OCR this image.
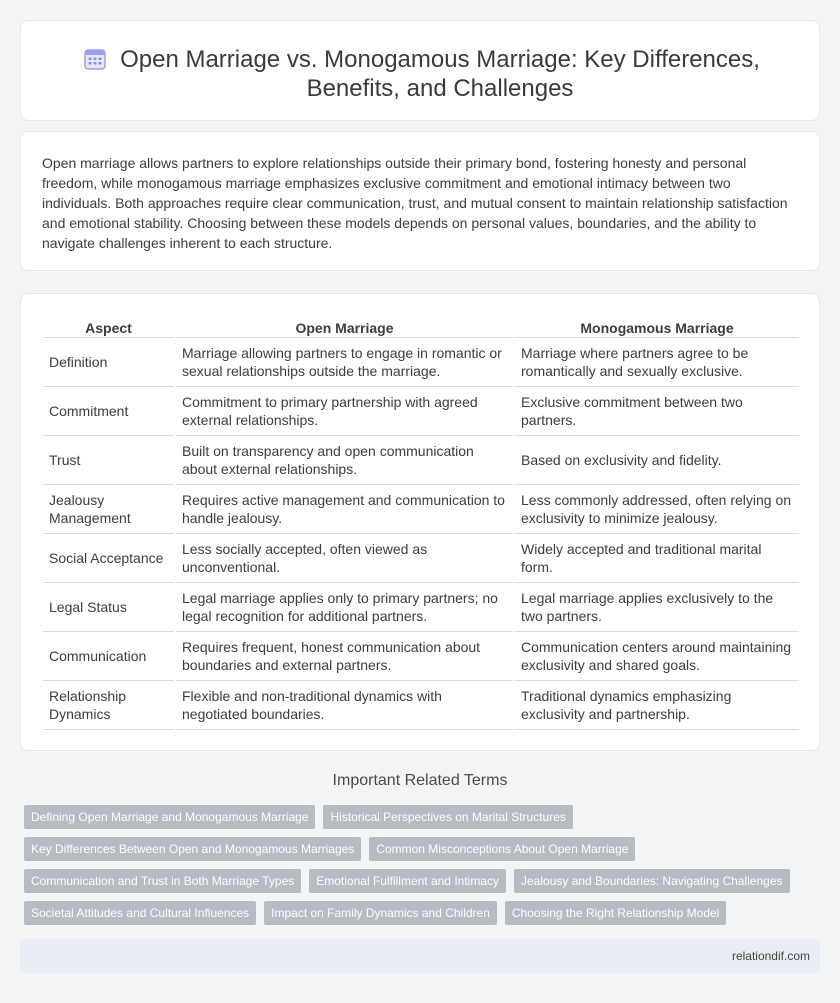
Open Marriage vs. Monogamous Marriage: Key Differences, Benefits, and Challenges

Open marriage allows partners to explore relationships outside their primary bond, fostering honesty and personal freedom, while monogamous marriage emphasizes exclusive commitment and emotional intimacy between two individuals. Both approaches require clear communication, trust, and mutual consent to maintain relationship satisfaction and emotional stability. Choosing between these models depends on personal values, boundaries, and the ability to navigate challenges inherent to each structure.

Aspect		Open Marriage		Monogamous Marriage
Definition		Marriage allowing partners to engage in romantic or sexual relationships outside the marriage.		Marriage where partners agree to be romantically and sexually exclusive.
Commitment		Commitment to primary partnership with agreed external relationships.		Exclusive commitment between two partners.
Trust		Built on transparency and open communication about external relationships.		Based on exclusivity and fidelity.
Jealousy Management		Requires active management and communication to handle jealousy.		Less commonly addressed, often relying on exclusivity to minimize jealousy.
Social Acceptance		Less socially accepted, often viewed as unconventional.		Widely accepted and traditional marital form.
Legal Status		Legal marriage applies only to primary partners; no legal recognition for additional partners.		Legal marriage applies exclusively to the two partners.
Communication		Requires frequent, honest communication about boundaries and external partners.		Communication centers around maintaining exclusivity and shared goals.
Relationship Dynamics		Flexible and non-traditional dynamics with negotiated boundaries.		Traditional dynamics emphasizing exclusivity and partnership.
Important Related Terms
Defining Open Marriage and Monogamous Marriage	Historical Perspectives on Marital Structures
Key Differences Between Open and Monogamous Marriages	Common Misconceptions About Open Marriage
Communication and Trust in Both Marriage Types	Emotional Fulfillment and Intimacy	Jealousy and Boundaries: Navigating Challenges
Societal Attitudes and Cultural Influences	Impact on Family Dynamics and Children	Choosing the Right Relationship Model
relationdif.com
